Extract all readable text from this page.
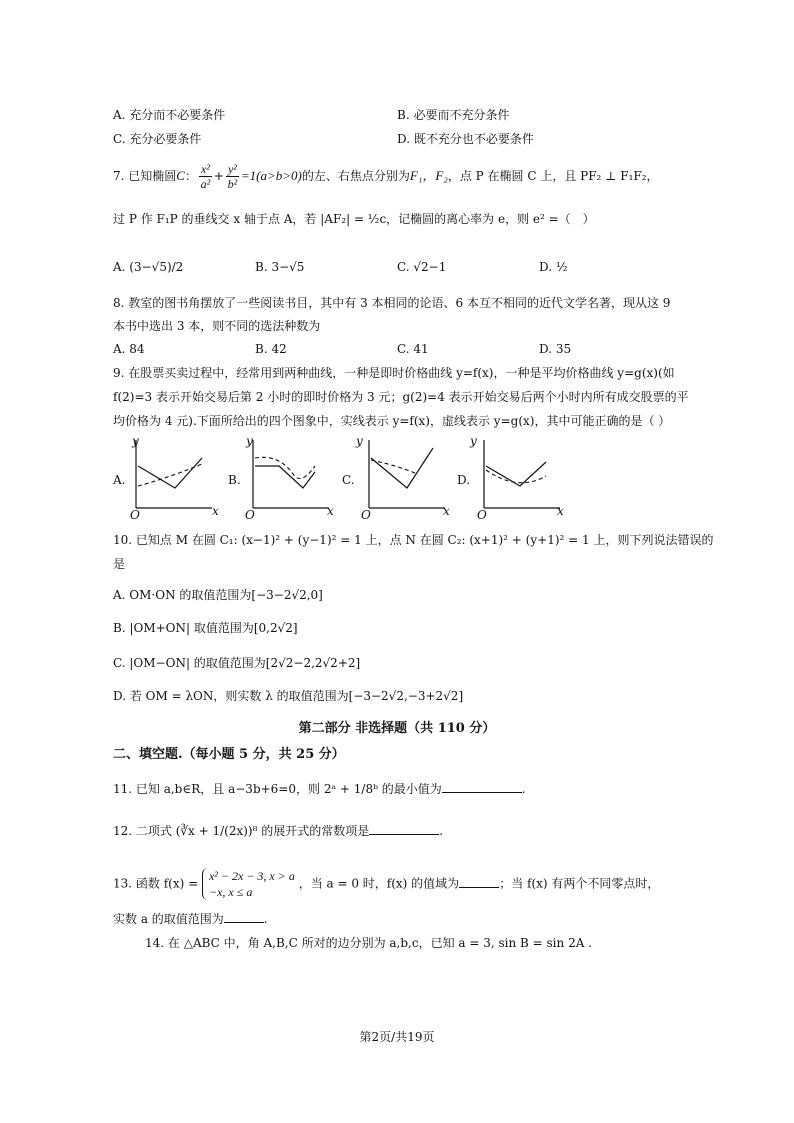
A. 充分而不必要条件	B. 必要而不充分条件
C. 充分必要条件	D. 既不充分也不必要条件
7. 已知椭圆C： $\frac{\text{x²}}{\text{a²}} + \frac{\text{y²}}{\text{b²}} =1(a>b>0)$的左、右焦点分别为F₁，F₂，点 P 在椭圆 C 上，且 PF₂ ⊥ F₁F₂，
过 P 作 F₁P 的垂线交 x 轴于点 A，若 |AF₂| = ½c，记椭圆的离心率为 e，则 e² =（　）
A. (3−√5)/2	B. 3−√5	C. √2−1	D. ½
8. 教室的图书角摆放了一些阅读书目，其中有 3 本相同的论语、6 本互不相同的近代文学名著，现从这 9
本书中选出 3 本，则不同的选法种数为
A. 84	B. 42	C. 41	D. 35
9. 在股票买卖过程中，经常用到两种曲线，一种是即时价格曲线 y=f(x)，一种是平均价格曲线 y=g(x)(如
f(2)=3 表示开始交易后第 2 小时的即时价格为 3 元；g(2)=4 表示开始交易后两个小时内所有成交股票的平
均价格为 4 元).下面所给出的四个图象中，实线表示 y=f(x)，虚线表示 y=g(x)，其中可能正确的是（ ）
A.
y
O	x
B.
y
O	x
C.
y
O	x
D.
y
O	x
10. 已知点 M 在圆 C₁: (x−1)² + (y−1)² = 1 上，点 N 在圆 C₂: (x+1)² + (y+1)² = 1 上，则下列说法错误的
是
A. OM·ON 的取值范围为[−3−2√2,0]
B. |OM+ON| 取值范围为[0,2√2]
C. |OM−ON| 的取值范围为[2√2−2,2√2+2]
D. 若 OM = λON，则实数 λ 的取值范围为[−3−2√2,−3+2√2]
第二部分 非选择题（共 110 分）
二、填空题.（每小题 5 分，共 25 分）
11. 已知 a,b∈R，且 a−3b+6=0，则 2ᵃ + 1/8ᵇ 的最小值为	.
12. 二项式 (∛x + 1/(2x))⁸ 的展开式的常数项是	.
13. 函数 f(x) =
x² − 2x − 3, x > a
−x, x ≤ a
，当 a = 0 时，f(x) 的值域为	；当 f(x) 有两个不同零点时，
实数 a 的取值范围为	.
14. 在 △ABC 中，角 A,B,C 所对的边分别为 a,b,c，已知 a = 3, sin B = sin 2A .
第2页/共19页
